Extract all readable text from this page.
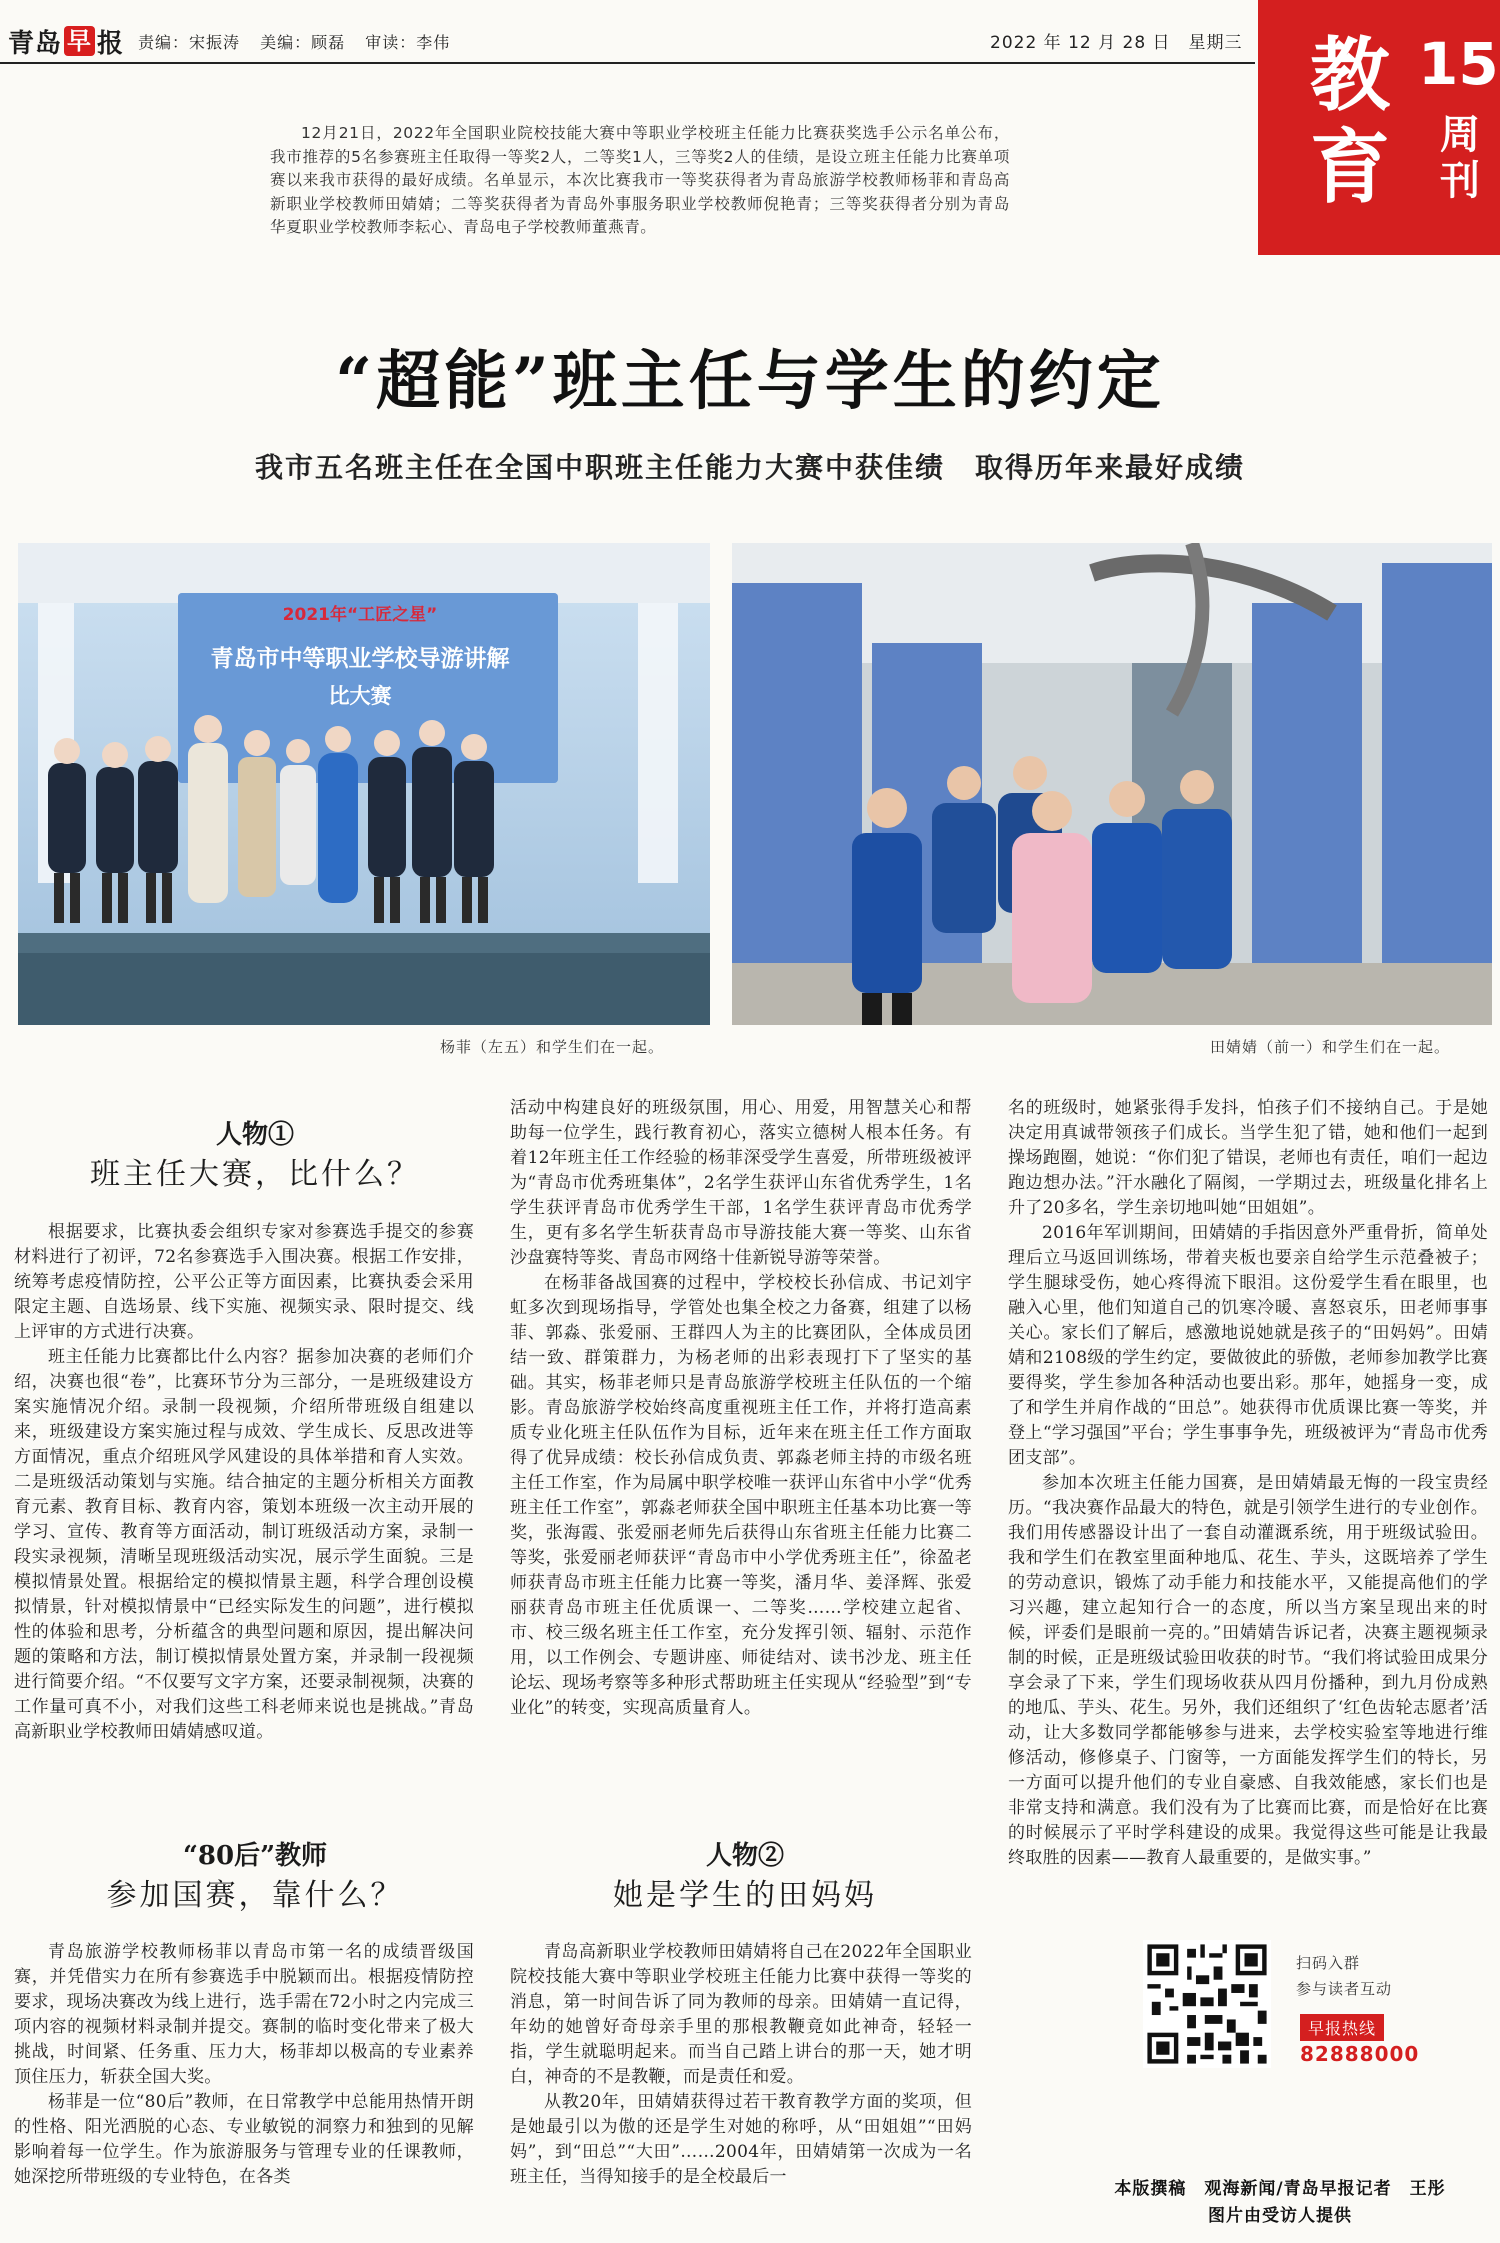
青岛 早 报 责编：宋振涛 美编：顾磊 审读：李伟	2022 年 12 月 28 日　星期三 教育
15
周刊
12月21日，2022年全国职业院校技能大赛中等职业学校班主任能力比赛获奖选手公示名单公布，我市推荐的5名参赛班主任取得一等奖2人，二等奖1人，三等奖2人的佳绩，是设立班主任能力比赛单项赛以来我市获得的最好成绩。名单显示，本次比赛我市一等奖获得者为青岛旅游学校教师杨菲和青岛高新职业学校教师田婧婧；二等奖获得者为青岛外事服务职业学校教师倪艳青；三等奖获得者分别为青岛华夏职业学校教师李耘心、青岛电子学校教师董燕青。
“超能”班主任与学生的约定
我市五名班主任在全国中职班主任能力大赛中获佳绩　取得历年来最好成绩
2021年“工匠之星”
青岛市中等职业学校导游讲解
比大赛
杨菲（左五）和学生们在一起。	田婧婧（前一）和学生们在一起。
人物①
班主任大赛，比什么？

根据要求，比赛执委会组织专家对参赛选手提交的参赛材料进行了初评，72名参赛选手入围决赛。根据工作安排，统筹考虑疫情防控，公平公正等方面因素，比赛执委会采用限定主题、自选场景、线下实施、视频实录、限时提交、线上评审的方式进行决赛。

班主任能力比赛都比什么内容？据参加决赛的老师们介绍，决赛也很“卷”，比赛环节分为三部分，一是班级建设方案实施情况介绍。录制一段视频，介绍所带班级自组建以来，班级建设方案实施过程与成效、学生成长、反思改进等方面情况，重点介绍班风学风建设的具体举措和育人实效。二是班级活动策划与实施。结合抽定的主题分析相关方面教育元素、教育目标、教育内容，策划本班级一次主动开展的学习、宣传、教育等方面活动，制订班级活动方案，录制一段实录视频，清晰呈现班级活动实况，展示学生面貌。三是模拟情景处置。根据给定的模拟情景主题，科学合理创设模拟情景，针对模拟情景中“已经实际发生的问题”，进行模拟性的体验和思考，分析蕴含的典型问题和原因，提出解决问题的策略和方法，制订模拟情景处置方案，并录制一段视频进行简要介绍。“不仅要写文字方案，还要录制视频，决赛的工作量可真不小，对我们这些工科老师来说也是挑战。”青岛高新职业学校教师田婧婧感叹道。

“80后”教师
参加国赛，靠什么？

青岛旅游学校教师杨菲以青岛市第一名的成绩晋级国赛，并凭借实力在所有参赛选手中脱颖而出。根据疫情防控要求，现场决赛改为线上进行，选手需在72小时之内完成三项内容的视频材料录制并提交。赛制的临时变化带来了极大挑战，时间紧、任务重、压力大，杨菲却以极高的专业素养顶住压力，斩获全国大奖。

杨菲是一位“80后”教师，在日常教学中总能用热情开朗的性格、阳光洒脱的心态、专业敏锐的洞察力和独到的见解影响着每一位学生。作为旅游服务与管理专业的任课教师，她深挖所带班级的专业特色，在各类

活动中构建良好的班级氛围，用心、用爱，用智慧关心和帮助每一位学生，践行教育初心，落实立德树人根本任务。有着12年班主任工作经验的杨菲深受学生喜爱，所带班级被评为“青岛市优秀班集体”，2名学生获评山东省优秀学生，1名学生获评青岛市优秀学生干部，1名学生获评青岛市优秀学生，更有多名学生斩获青岛市导游技能大赛一等奖、山东省沙盘赛特等奖、青岛市网络十佳新锐导游等荣誉。

在杨菲备战国赛的过程中，学校校长孙信成、书记刘宇虹多次到现场指导，学管处也集全校之力备赛，组建了以杨菲、郭淼、张爱丽、王群四人为主的比赛团队，全体成员团结一致、群策群力，为杨老师的出彩表现打下了坚实的基础。其实，杨菲老师只是青岛旅游学校班主任队伍的一个缩影。青岛旅游学校始终高度重视班主任工作，并将打造高素质专业化班主任队伍作为目标，近年来在班主任工作方面取得了优异成绩：校长孙信成负责、郭淼老师主持的市级名班主任工作室，作为局属中职学校唯一获评山东省中小学“优秀班主任工作室”，郭淼老师获全国中职班主任基本功比赛一等奖，张海霞、张爱丽老师先后获得山东省班主任能力比赛二等奖，张爱丽老师获评“青岛市中小学优秀班主任”，徐盈老师获青岛市班主任能力比赛一等奖，潘月华、姜泽辉、张爱丽获青岛市班主任优质课一、二等奖……学校建立起省、市、校三级名班主任工作室，充分发挥引领、辐射、示范作用，以工作例会、专题讲座、师徒结对、读书沙龙、班主任论坛、现场考察等多种形式帮助班主任实现从“经验型”到“专业化”的转变，实现高质量育人。

人物②
她是学生的田妈妈

青岛高新职业学校教师田婧婧将自己在2022年全国职业院校技能大赛中等职业学校班主任能力比赛中获得一等奖的消息，第一时间告诉了同为教师的母亲。田婧婧一直记得，年幼的她曾好奇母亲手里的那根教鞭竟如此神奇，轻轻一指，学生就聪明起来。而当自己踏上讲台的那一天，她才明白，神奇的不是教鞭，而是责任和爱。

从教20年，田婧婧获得过若干教育教学方面的奖项，但是她最引以为傲的还是学生对她的称呼，从“田姐姐”“田妈妈”，到“田总”“大田”……2004年，田婧婧第一次成为一名班主任，当得知接手的是全校最后一

名的班级时，她紧张得手发抖，怕孩子们不接纳自己。于是她决定用真诚带领孩子们成长。当学生犯了错，她和他们一起到操场跑圈，她说：“你们犯了错误，老师也有责任，咱们一起边跑边想办法。”汗水融化了隔阂，一学期过去，班级量化排名上升了20多名，学生亲切地叫她“田姐姐”。

2016年军训期间，田婧婧的手指因意外严重骨折，简单处理后立马返回训练场，带着夹板也要亲自给学生示范叠被子；学生腿球受伤，她心疼得流下眼泪。这份爱学生看在眼里，也融入心里，他们知道自己的饥寒冷暖、喜怒哀乐，田老师事事关心。家长们了解后，感激地说她就是孩子的“田妈妈”。田婧婧和2108级的学生约定，要做彼此的骄傲，老师参加教学比赛要得奖，学生参加各种活动也要出彩。那年，她摇身一变，成了和学生并肩作战的“田总”。她获得市优质课比赛一等奖，并登上“学习强国”平台；学生事事争先，班级被评为“青岛市优秀团支部”。

参加本次班主任能力国赛，是田婧婧最无悔的一段宝贵经历。“我决赛作品最大的特色，就是引领学生进行的专业创作。我们用传感器设计出了一套自动灌溉系统，用于班级试验田。我和学生们在教室里面种地瓜、花生、芋头，这既培养了学生的劳动意识，锻炼了动手能力和技能水平，又能提高他们的学习兴趣，建立起知行合一的态度，所以当方案呈现出来的时候，评委们是眼前一亮的。”田婧婧告诉记者，决赛主题视频录制的时候，正是班级试验田收获的时节。“我们将试验田成果分享会录了下来，学生们现场收获从四月份播种，到九月份成熟的地瓜、芋头、花生。另外，我们还组织了‘红色齿轮志愿者’活动，让大多数同学都能够参与进来，去学校实验室等地进行维修活动，修修桌子、门窗等，一方面能发挥学生们的特长，另一方面可以提升他们的专业自豪感、自我效能感，家长们也是非常支持和满意。我们没有为了比赛而比赛，而是恰好在比赛的时候展示了平时学科建设的成果。我觉得这些可能是让我最终取胜的因素——教育人最重要的，是做实事。”

扫码入群
参与读者互动
早报热线
82888000
本版撰稿　观海新闻/青岛早报记者　王彤
图片由受访人提供
